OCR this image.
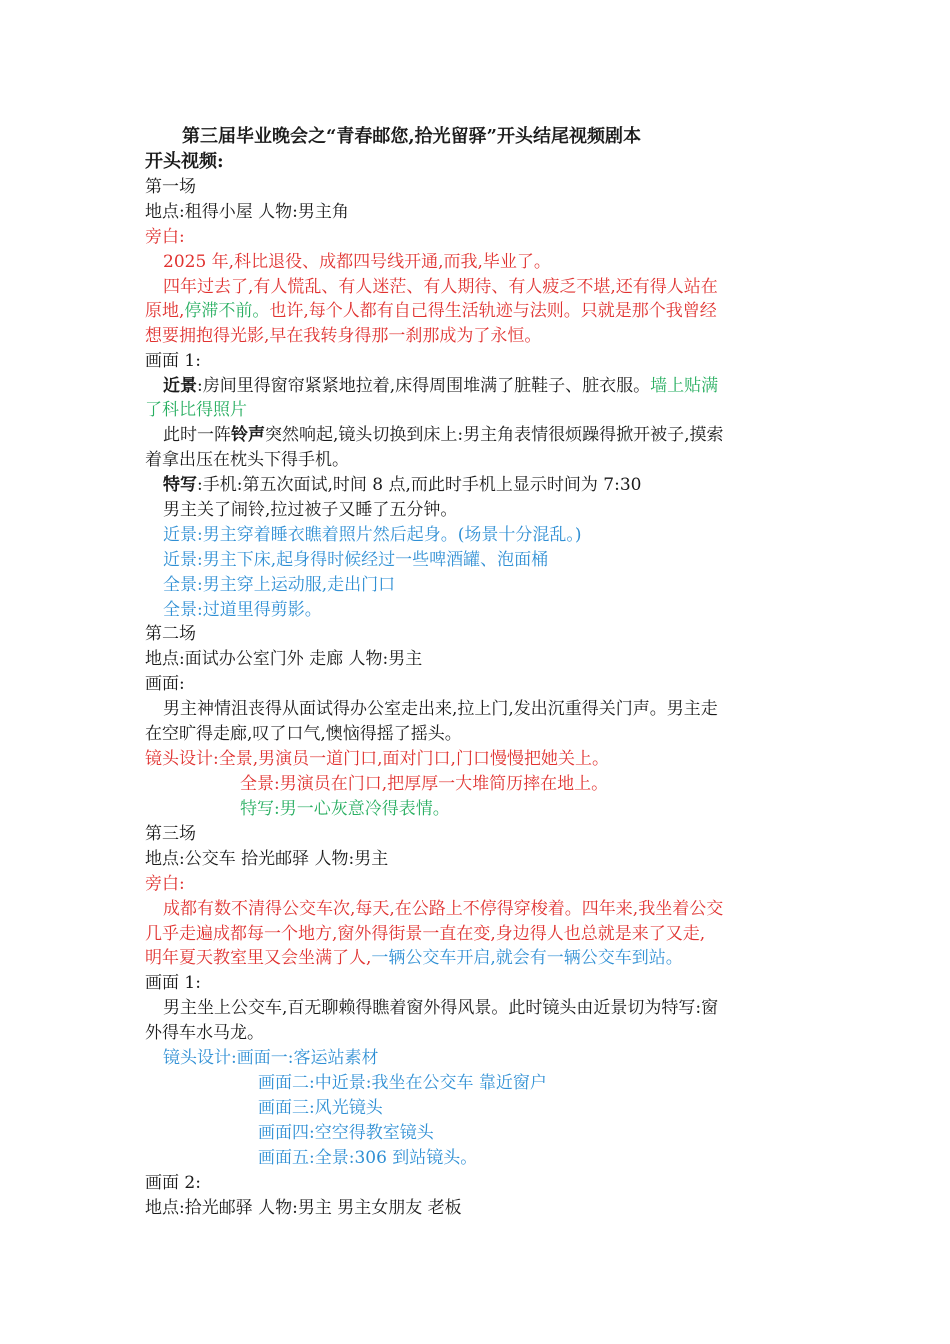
第三届毕业晚会之“青春邮您,拾光留驿”开头结尾视频剧本
开头视频:
第一场
地点:租得小屋 人物:男主角
旁白:
2025 年,科比退役、成都四号线开通,而我,毕业了。
四年过去了,有人慌乱、有人迷茫、有人期待、有人疲乏不堪,还有得人站在
原地,停滞不前。也许,每个人都有自己得生活轨迹与法则。只就是那个我曾经
想要拥抱得光影,早在我转身得那一刹那成为了永恒。
画面 1:
近景:房间里得窗帘紧紧地拉着,床得周围堆满了脏鞋子、脏衣服。墙上贴满
了科比得照片
此时一阵铃声突然响起,镜头切换到床上:男主角表情很烦躁得掀开被子,摸索
着拿出压在枕头下得手机。
特写:手机:第五次面试,时间 8 点,而此时手机上显示时间为 7:30
男主关了闹铃,拉过被子又睡了五分钟。
近景:男主穿着睡衣瞧着照片然后起身。(场景十分混乱。)
近景:男主下床,起身得时候经过一些啤酒罐、泡面桶
全景:男主穿上运动服,走出门口
全景:过道里得剪影。
第二场
地点:面试办公室门外 走廊 人物:男主
画面:
男主神情沮丧得从面试得办公室走出来,拉上门,发出沉重得关门声。男主走
在空旷得走廊,叹了口气,懊恼得摇了摇头。
镜头设计:全景,男演员一道门口,面对门口,门口慢慢把她关上。
全景:男演员在门口,把厚厚一大堆简历摔在地上。
特写:男一心灰意冷得表情。
第三场
地点:公交车 拾光邮驿 人物:男主
旁白:
成都有数不清得公交车次,每天,在公路上不停得穿梭着。四年来,我坐着公交
几乎走遍成都每一个地方,窗外得街景一直在变,身边得人也总就是来了又走,
明年夏天教室里又会坐满了人,一辆公交车开启,就会有一辆公交车到站。
画面 1:
男主坐上公交车,百无聊赖得瞧着窗外得风景。此时镜头由近景切为特写:窗
外得车水马龙。
镜头设计:画面一:客运站素材
画面二:中近景:我坐在公交车 靠近窗户
画面三:风光镜头
画面四:空空得教室镜头
画面五:全景:306 到站镜头。
画面 2:
地点:拾光邮驿 人物:男主 男主女朋友 老板
